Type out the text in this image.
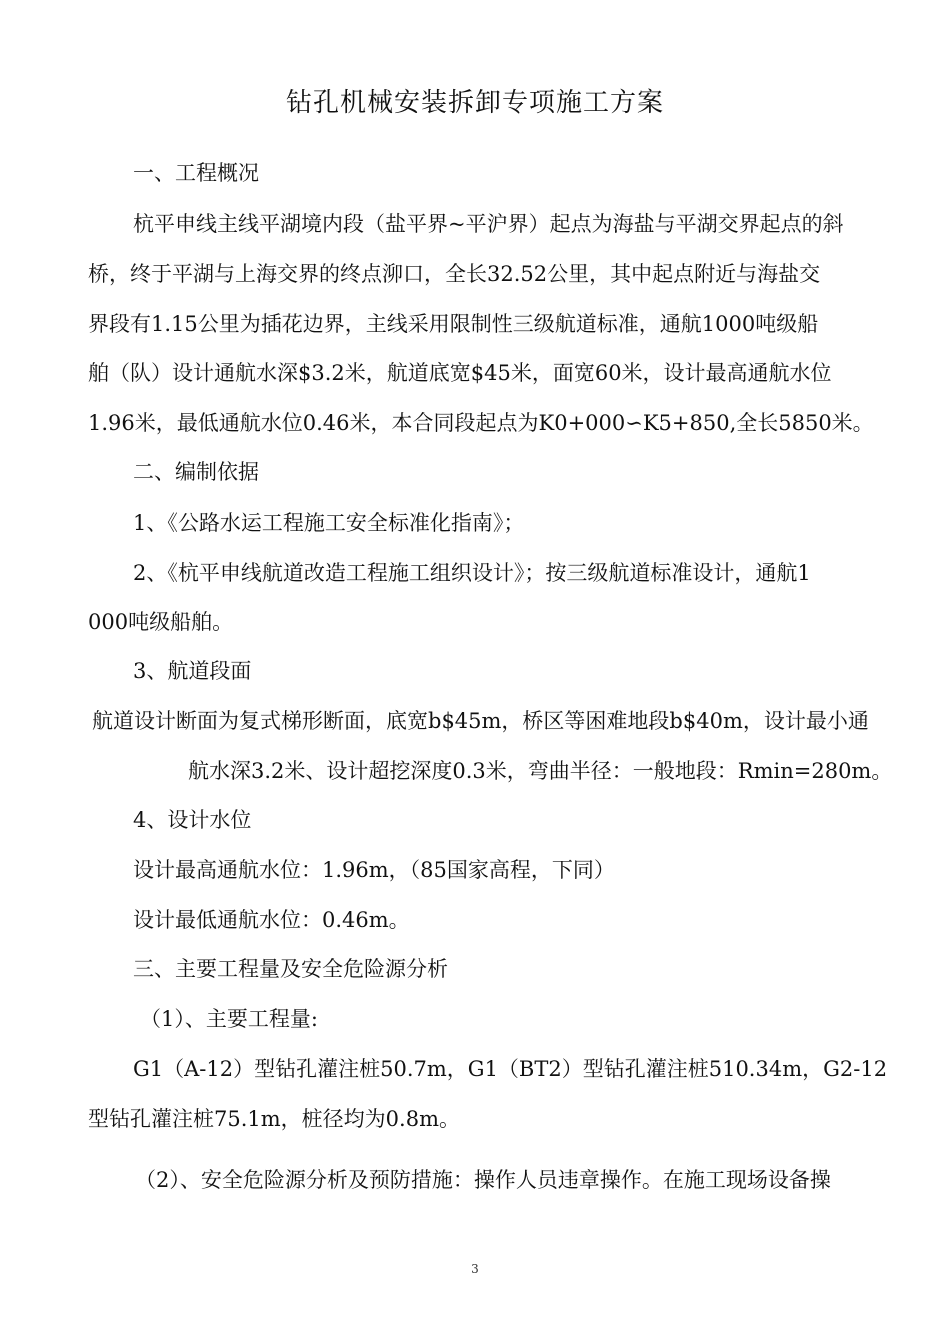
钻孔机械安装拆卸专项施工方案
一、工程概况
杭平申线主线平湖境内段（盐平界~平沪界）起点为海盐与平湖交界起点的斜
桥，终于平湖与上海交界的终点泖口，全长32.52公里，其中起点附近与海盐交
界段有1.15公里为插花边界，主线采用限制性三级航道标准，通航1000吨级船
舶（队）设计通航水深$3.2米，航道底宽$45米，面宽60米，设计最高通航水位
1.96米，最低通航水位0.46米，本合同段起点为K0+000∽K5+850,全长5850米。
二、编制依据
1、《公路水运工程施工安全标准化指南》；
2、《杭平申线航道改造工程施工组织设计》；按三级航道标准设计，通航1
000吨级船舶。
3、航道段面
航道设计断面为复式梯形断面，底宽b$45m，桥区等困难地段b$40m，设计最小通
航水深3.2米、设计超挖深度0.3米，弯曲半径：一般地段：Rmin=280m。
4、设计水位
设计最高通航水位：1.96m，（85国家高程，下同）
设计最低通航水位：0.46m。
三、主要工程量及安全危险源分析
（1）、主要工程量:
G1（A-12）型钻孔灌注桩50.7m，G1（BT2）型钻孔灌注桩510.34m，G2-12
型钻孔灌注桩75.1m，桩径均为0.8m。
（2）、安全危险源分析及预防措施：操作人员违章操作。在施工现场设备操
3
